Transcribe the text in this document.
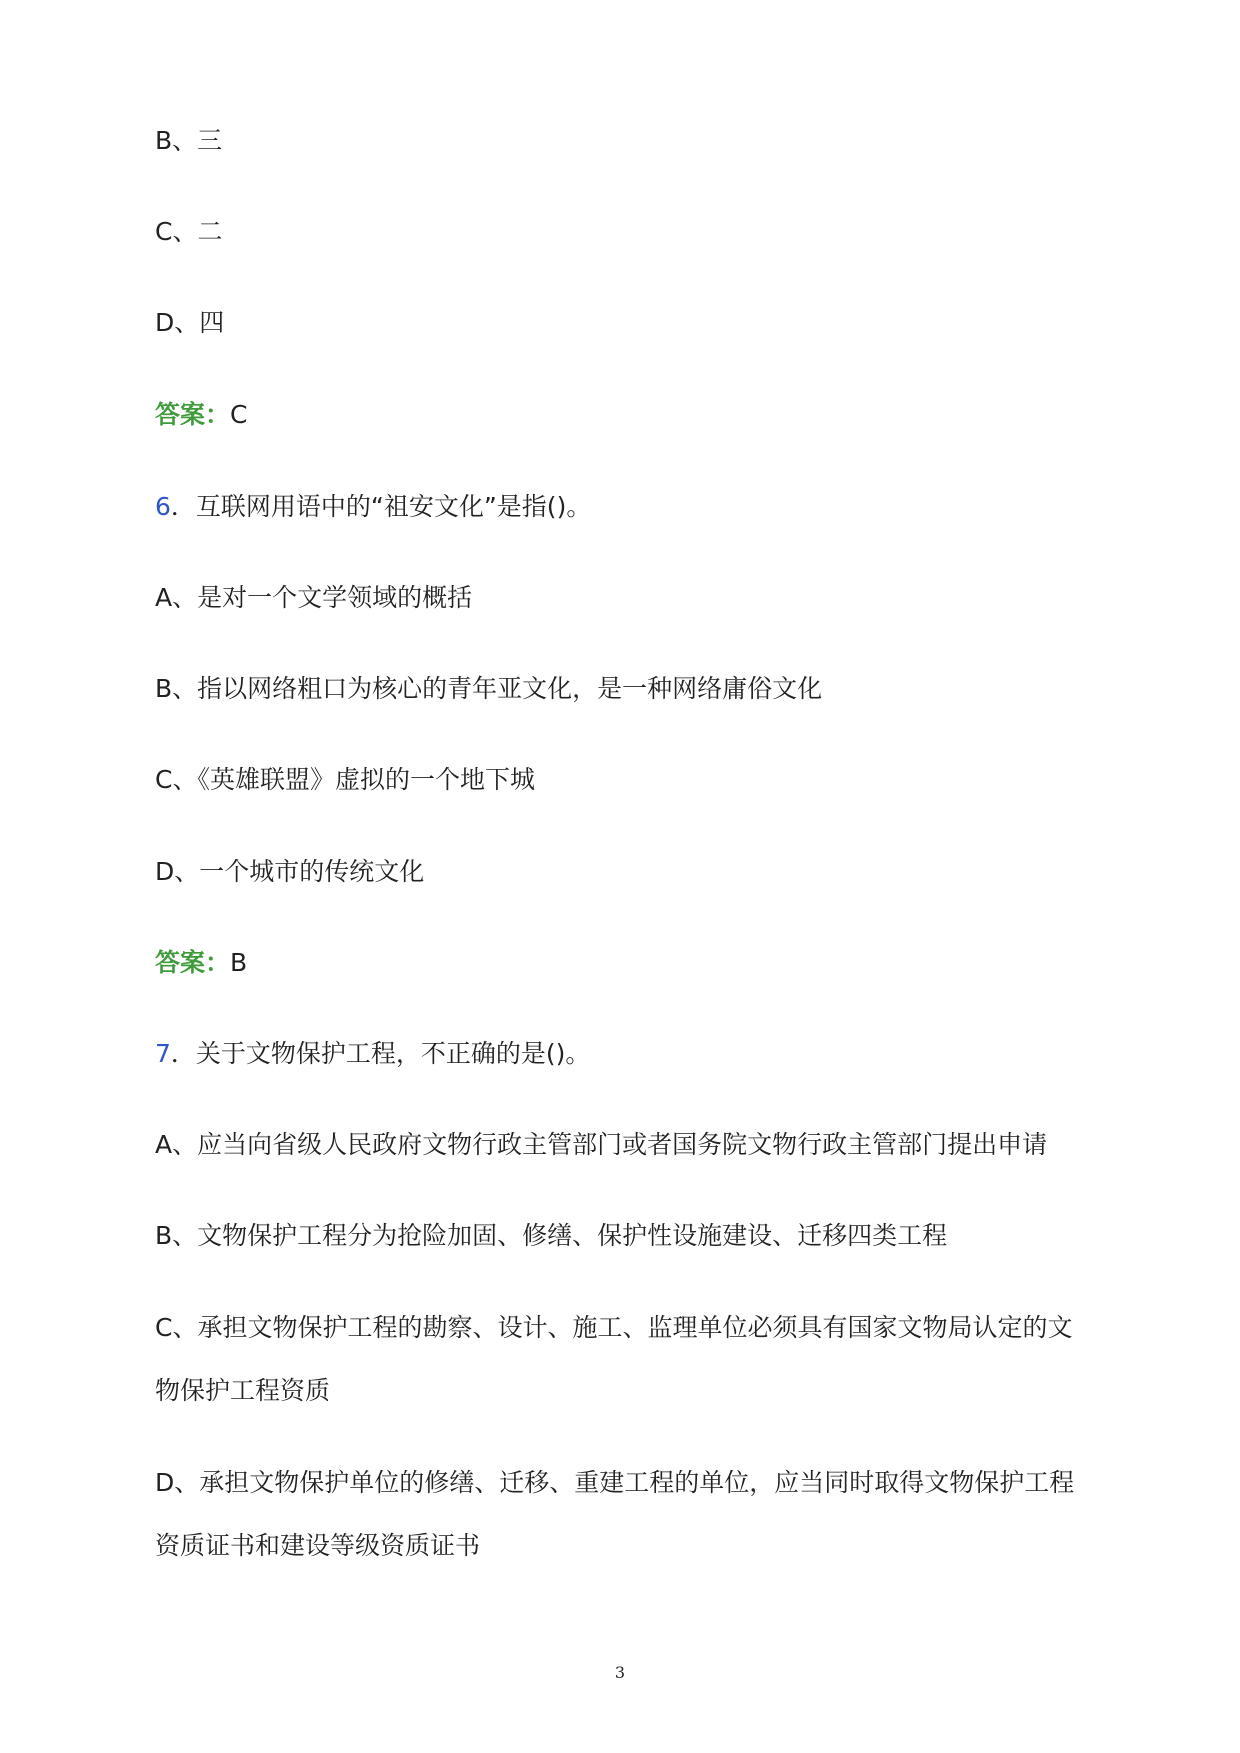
B、三
C、二
D、四
答案：C
6．互联网用语中的“祖安文化”是指()。
A、是对一个文学领域的概括
B、指以网络粗口为核心的青年亚文化，是一种网络庸俗文化
C、《英雄联盟》虚拟的一个地下城
D、一个城市的传统文化
答案：B
7．关于文物保护工程，不正确的是()。
A、应当向省级人民政府文物行政主管部门或者国务院文物行政主管部门提出申请
B、文物保护工程分为抢险加固、修缮、保护性设施建设、迁移四类工程
C、承担文物保护工程的勘察、设计、施工、监理单位必须具有国家文物局认定的文
物保护工程资质
D、承担文物保护单位的修缮、迁移、重建工程的单位，应当同时取得文物保护工程
资质证书和建设等级资质证书
3
